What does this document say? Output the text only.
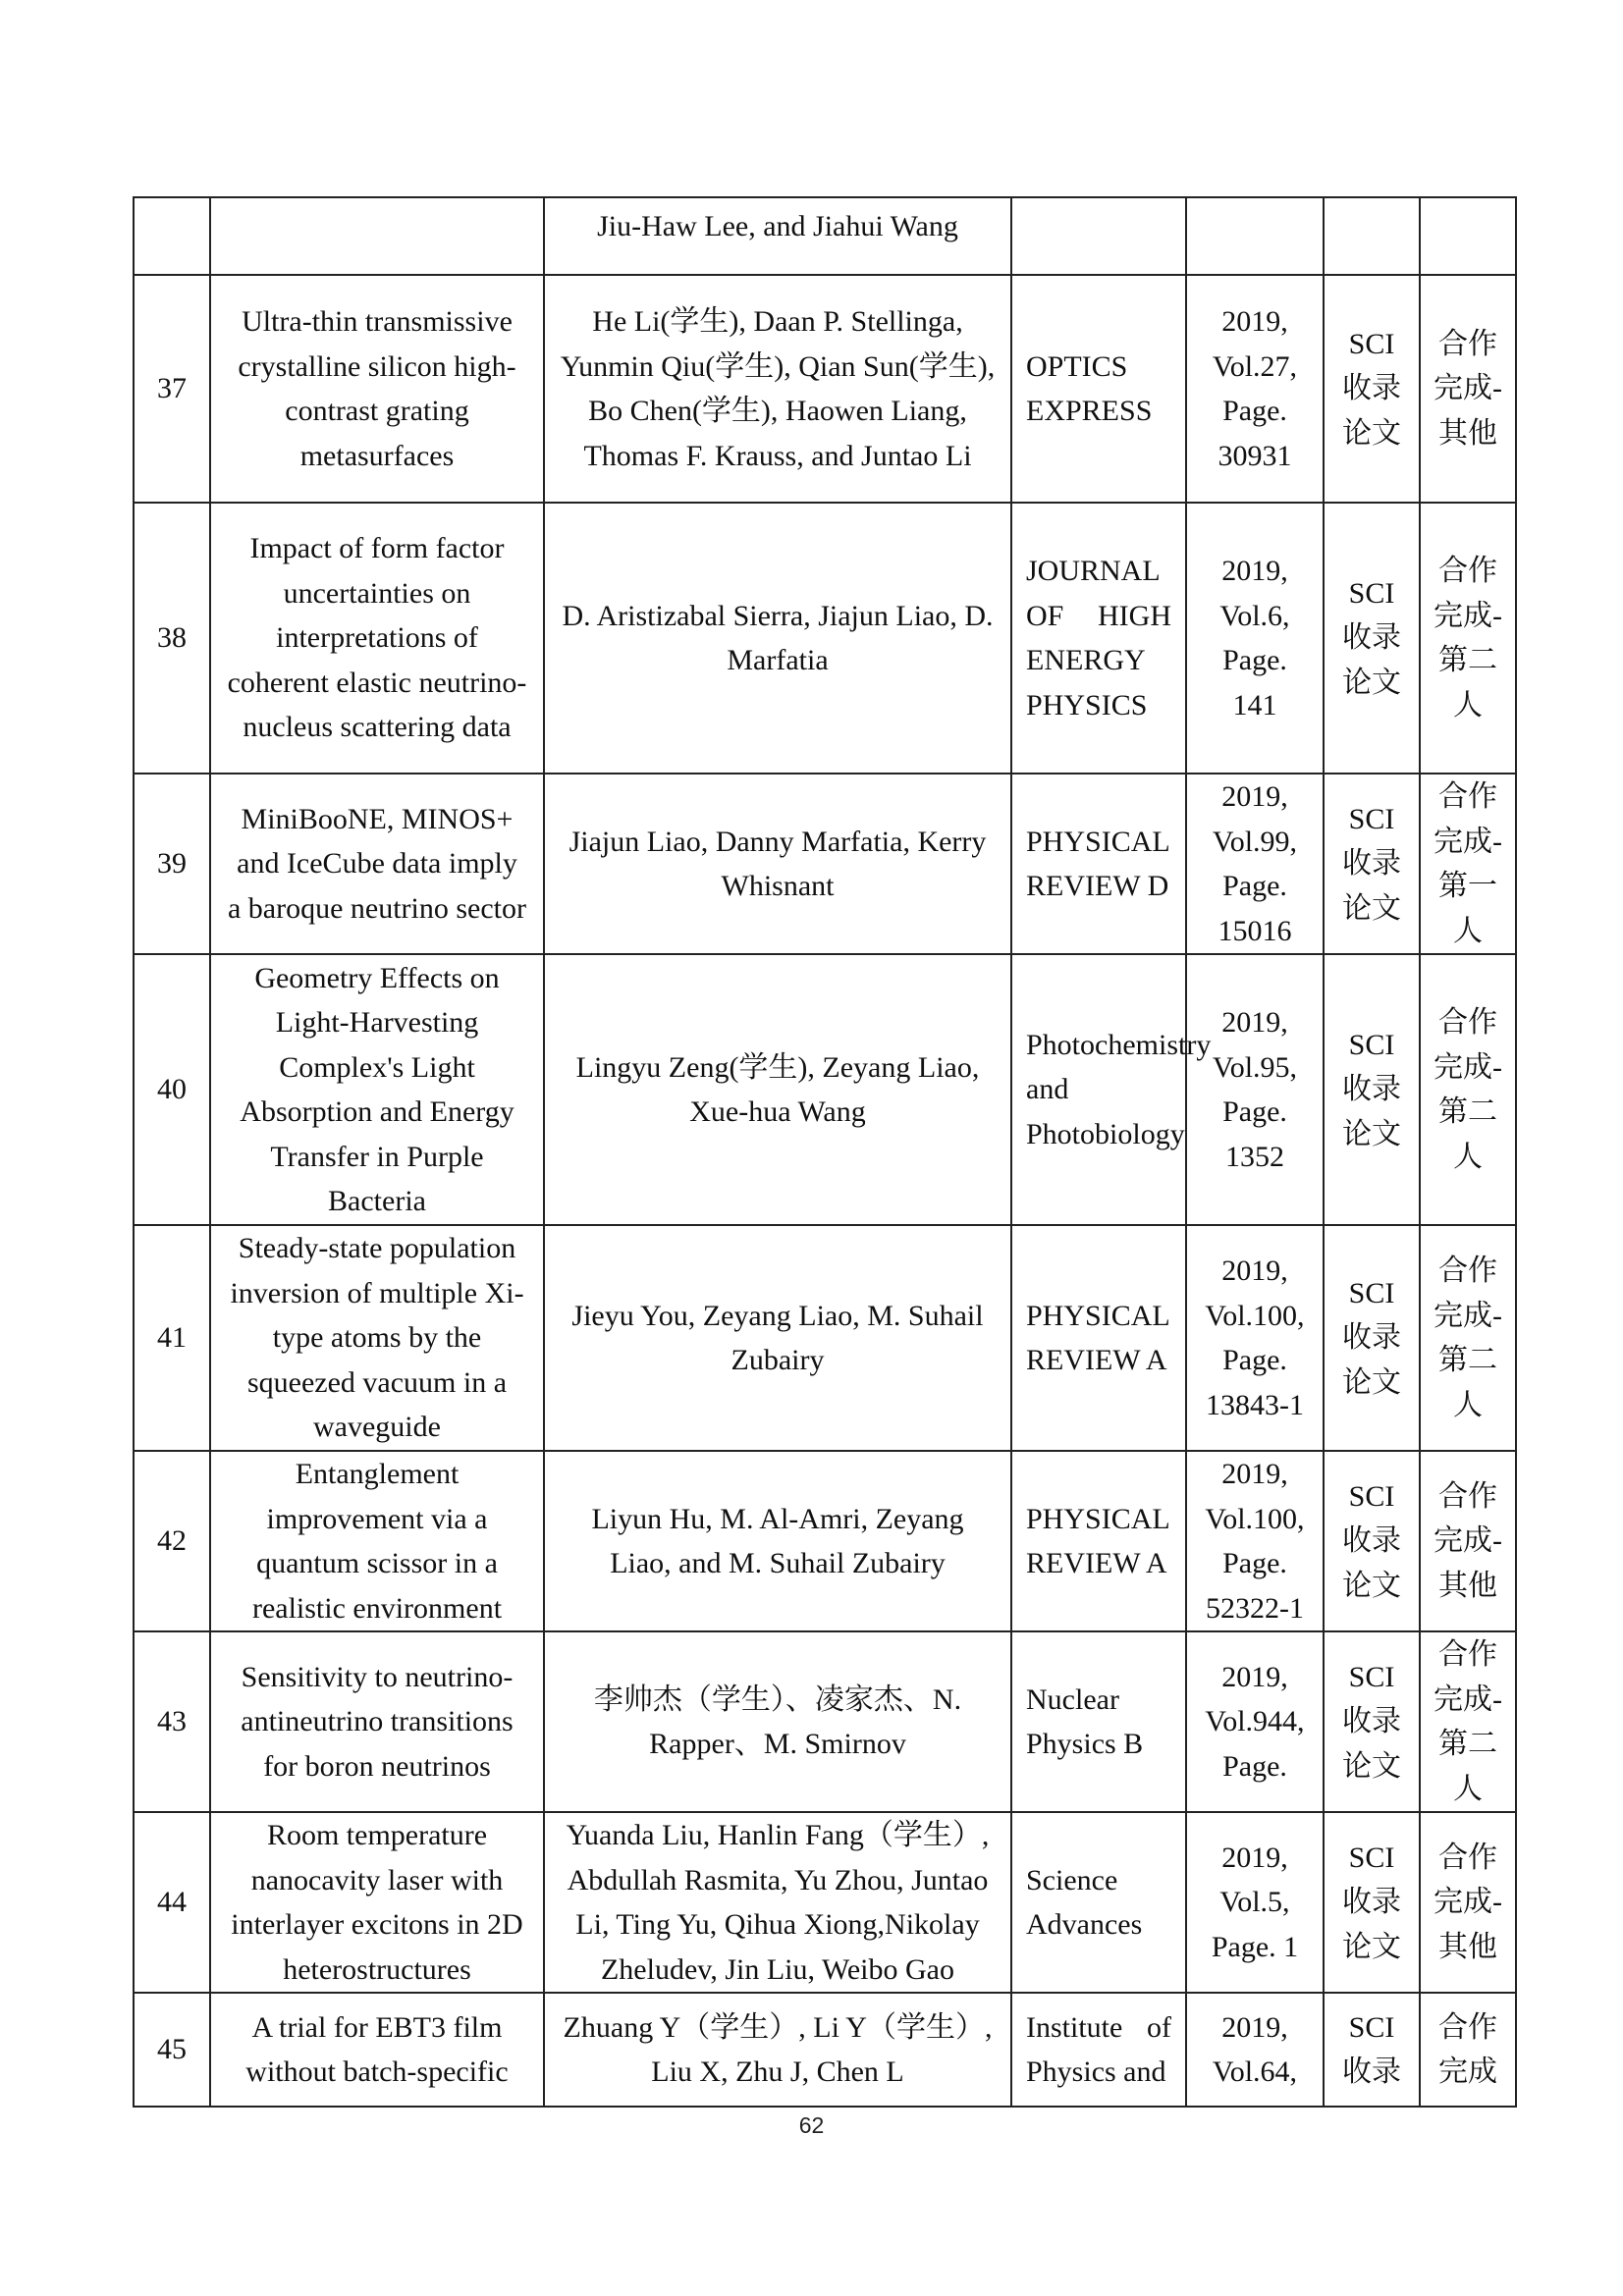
		Jiu-Haw Lee, and Jiahui Wang				
37	Ultra-thin transmissive crystalline silicon high-contrast grating metasurfaces	He Li(学生), Daan P. Stellinga, Yunmin Qiu(学生), Qian Sun(学生), Bo Chen(学生), Haowen Liang, Thomas F. Krauss, and Juntao Li	OPTICS EXPRESS	2019, Vol.27, Page. 30931	SCI 收录论文	合作完成-其他
38	Impact of form factor uncertainties on interpretations of coherent elastic neutrino-nucleus scattering data	D. Aristizabal Sierra, Jiajun Liao, D. Marfatia	JOURNAL OF HIGH ENERGY PHYSICS	2019, Vol.6, Page. 141	SCI 收录论文	合作完成-第二人
39	MiniBooNE, MINOS+ and IceCube data imply a baroque neutrino sector	Jiajun Liao, Danny Marfatia, Kerry Whisnant	PHYSICAL REVIEW D	2019, Vol.99, Page. 15016	SCI 收录论文	合作完成-第一人
40	Geometry Effects on Light-Harvesting Complex's Light Absorption and Energy Transfer in Purple Bacteria	Lingyu Zeng(学生), Zeyang Liao, Xue-hua Wang	Photochemistry and Photobiology	2019, Vol.95, Page. 1352	SCI 收录论文	合作完成-第二人
41	Steady-state population inversion of multiple Xi-type atoms by the squeezed vacuum in a waveguide	Jieyu You, Zeyang Liao, M. Suhail Zubairy	PHYSICAL REVIEW A	2019, Vol.100, Page. 13843-1	SCI 收录论文	合作完成-第二人
42	Entanglement improvement via a quantum scissor in a realistic environment	Liyun Hu, M. Al-Amri, Zeyang Liao, and M. Suhail Zubairy	PHYSICAL REVIEW A	2019, Vol.100, Page. 52322-1	SCI 收录论文	合作完成-其他
43	Sensitivity to neutrino-antineutrino transitions for boron neutrinos	李帅杰（学生）、凌家杰、N. Rapper、M. Smirnov	Nuclear Physics B	2019, Vol.944, Page.	SCI 收录论文	合作完成-第二人
44	Room temperature nanocavity laser with interlayer excitons in 2D heterostructures	Yuanda Liu, Hanlin Fang（学生）, Abdullah Rasmita, Yu Zhou, Juntao Li, Ting Yu, Qihua Xiong,Nikolay Zheludev, Jin Liu, Weibo Gao	Science Advances	2019, Vol.5, Page. 1	SCI 收录论文	合作完成-其他
45	A trial for EBT3 film without batch-specific	Zhuang Y（学生）, Li Y（学生）, Liu X, Zhu J, Chen L	Institute of Physics and	2019, Vol.64,	SCI 收录	合作完成
62
